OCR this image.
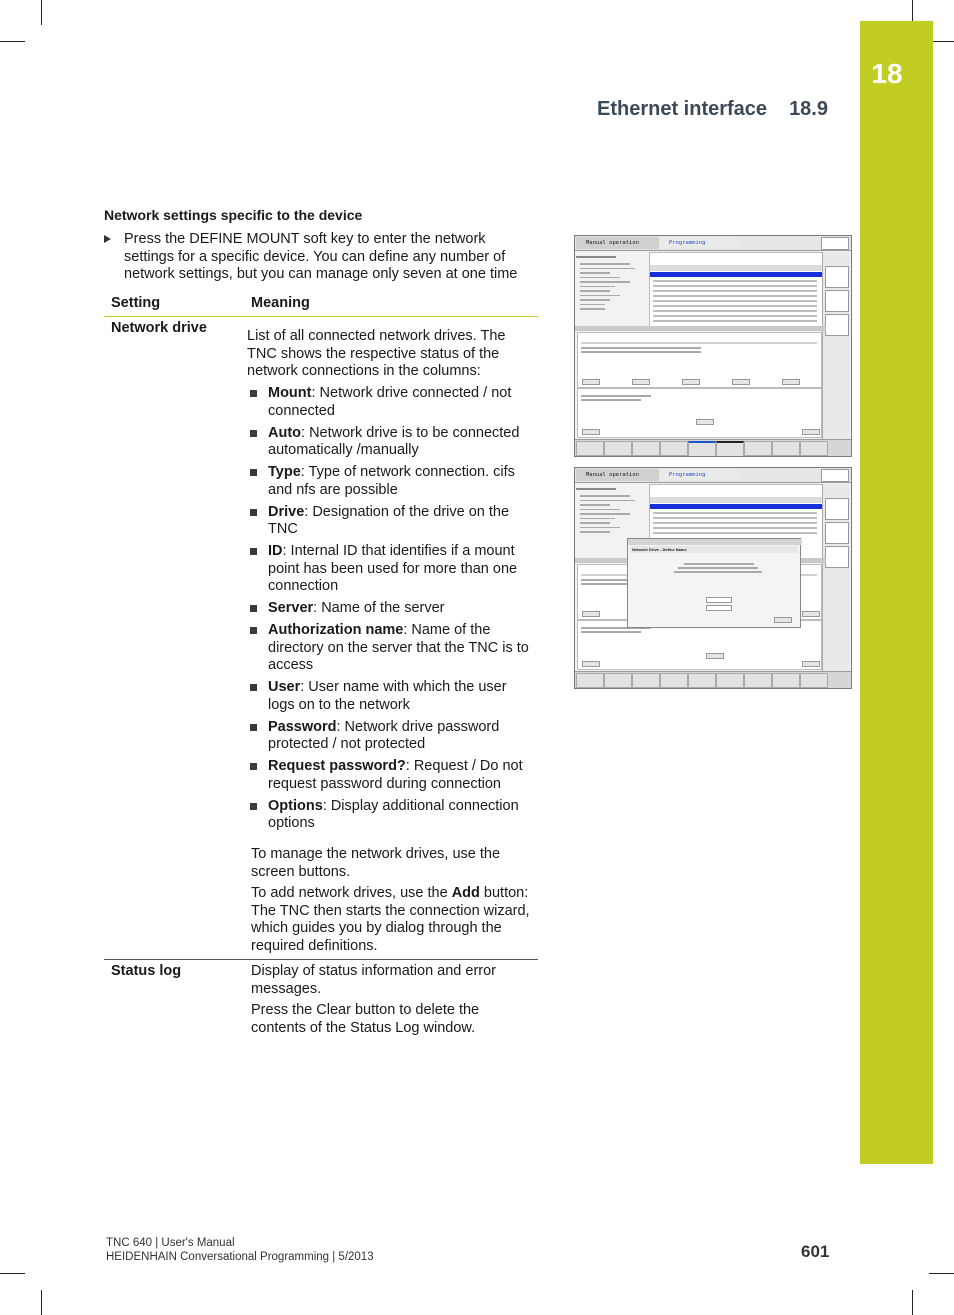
18
Ethernet interface 18.9
Network settings specific to the device
Press the DEFINE MOUNT soft key to enter the network settings for a specific device. You can define any number of network settings, but you can manage only seven at one time
Setting	Meaning
Network drive	List of all connected network drives. The TNC shows the respective status of the network connections in the columns:
Mount: Network drive connected / not connected
Auto: Network drive is to be connected automatically /manually
Type: Type of network connection. cifs and nfs are possible
Drive: Designation of the drive on the TNC
ID: Internal ID that identifies if a mount point has been used for more than one connection
Server: Name of the server
Authorization name: Name of the directory on the server that the TNC is to access
User: User name with which the user logs on to the network
Password: Network drive password protected / not protected
Request password?: Request / Do not request password during connection
Options: Display additional connection options
To manage the network drives, use the screen buttons.
To add network drives, use the Add button: The TNC then starts the connection wizard, which guides you by dialog through the required definitions.
Status log	Display of status information and error messages.
Press the Clear button to delete the contents of the Status Log window.
Manual operation	Programming
Manual operation	Programming
Network Drive - Define Name
TNC 640 | User's Manual
HEIDENHAIN Conversational Programming | 5/2013	601
